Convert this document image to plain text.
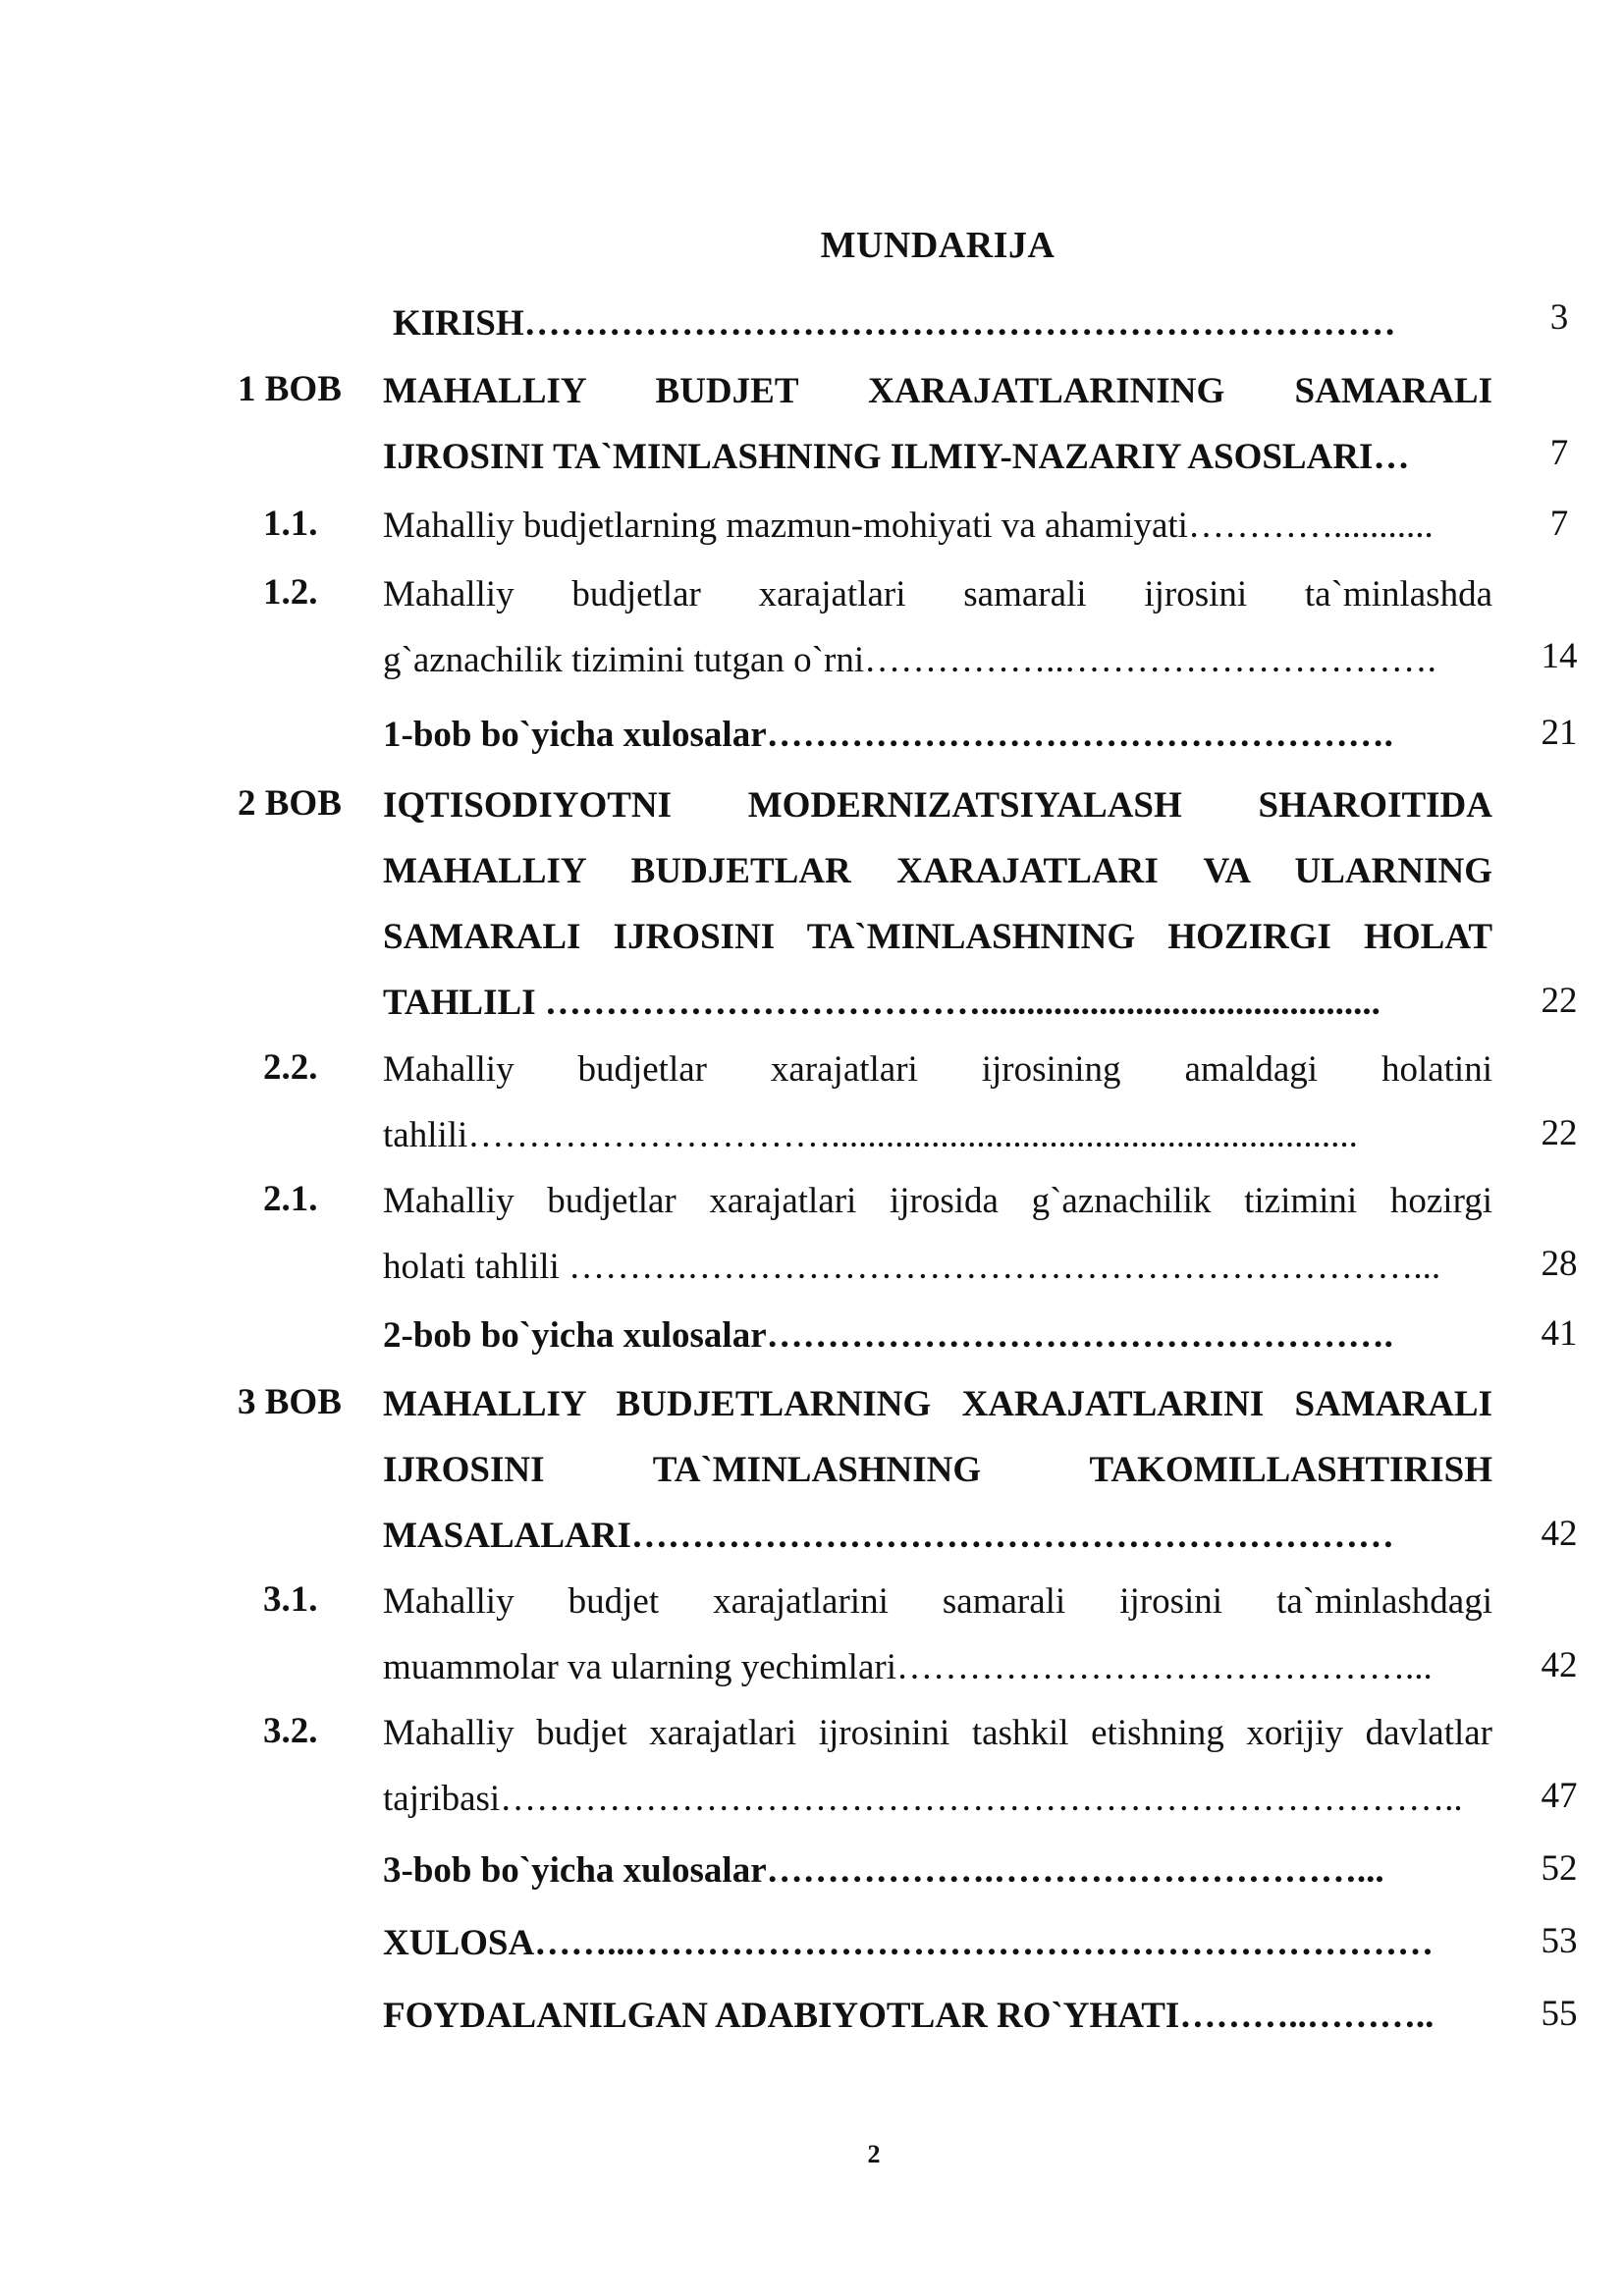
MUNDARIJA
KIRISH………………………………………………………………	3
1 BOB MAHALLIY BUDJET XARAJATLARINING SAMARALI
IJROSINI TA`MINLASHNING ILMIY-NAZARIY ASOSLARI…	7
1.1. Mahalliy budjetlarning mazmun-mohiyati va ahamiyati…………...........	7
1.2. Mahalliy budjetlar xarajatlari samarali ijrosini ta`minlashda
g`aznachilik tizimini tutgan o`rni……………..………………………….	14
1-bob bo`yicha xulosalar…………………………………………….	21
2 BOB IQTISODIYOTNI MODERNIZATSIYALASH SHAROITIDA
MAHALLIY BUDJETLAR XARAJATLARI VA ULARNING
SAMARALI IJROSINI TA`MINLASHNING HOZIRGI HOLAT
TAHLILI ………………………………............................................	22
2.2. Mahalliy budjetlar xarajatlari ijrosining amaldagi holatini
tahlili…………………………..........................................................	22
2.1. Mahalliy budjetlar xarajatlari ijrosida g`aznachilik tizimini hozirgi
holati tahlili ……….……………………………………………………...	28
2-bob bo`yicha xulosalar…………………………………………….	41
3 BOB MAHALLIY BUDJETLARNING XARAJATLARINI SAMARALI
IJROSINI TA`MINLASHNING TAKOMILLASHTIRISH
MASALALARI………………………………………………………	42
3.1. Mahalliy budjet xarajatlarini samarali ijrosini ta`minlashdagi
muammolar va ularning yechimlari……………………………………...	42
3.2. Mahalliy budjet xarajatlari ijrosinini tashkil etishning xorijiy davlatlar
tajribasi……………………………………………………………………..	47
3-bob bo`yicha xulosalar……………….…………………………...	52
XULOSA……...…………………………………………………………	53
FOYDALANILGAN ADABIYOTLAR RO`YHATI………..………..	55
2
